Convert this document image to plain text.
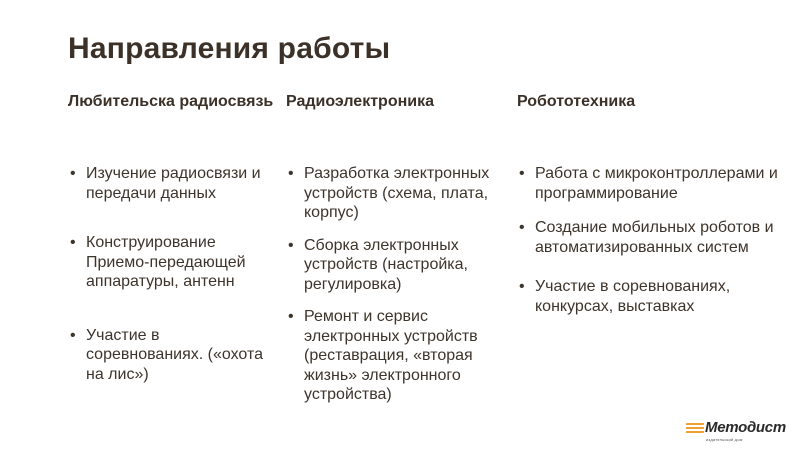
Направления работы
Любительска радиосвязь
• Изучение радиосвязи и передачи данных
• Конструирование Приемо-передающей аппаратуры, антенн
• Участие в соревнованиях. («охота на лис»)
Радиоэлектроника
• Разработка электронных устройств (схема, плата, корпус)
• Сборка электронных устройств (настройка, регулировка)
• Ремонт и сервис электронных устройств (реставрация, «вторая жизнь» электронного устройства)
Робототехника
• Работа с микроконтроллерами и программирование
• Создание мобильных роботов и автоматизированных систем
• Участие в соревнованиях, конкурсах, выставках
Методист
издательский дом
